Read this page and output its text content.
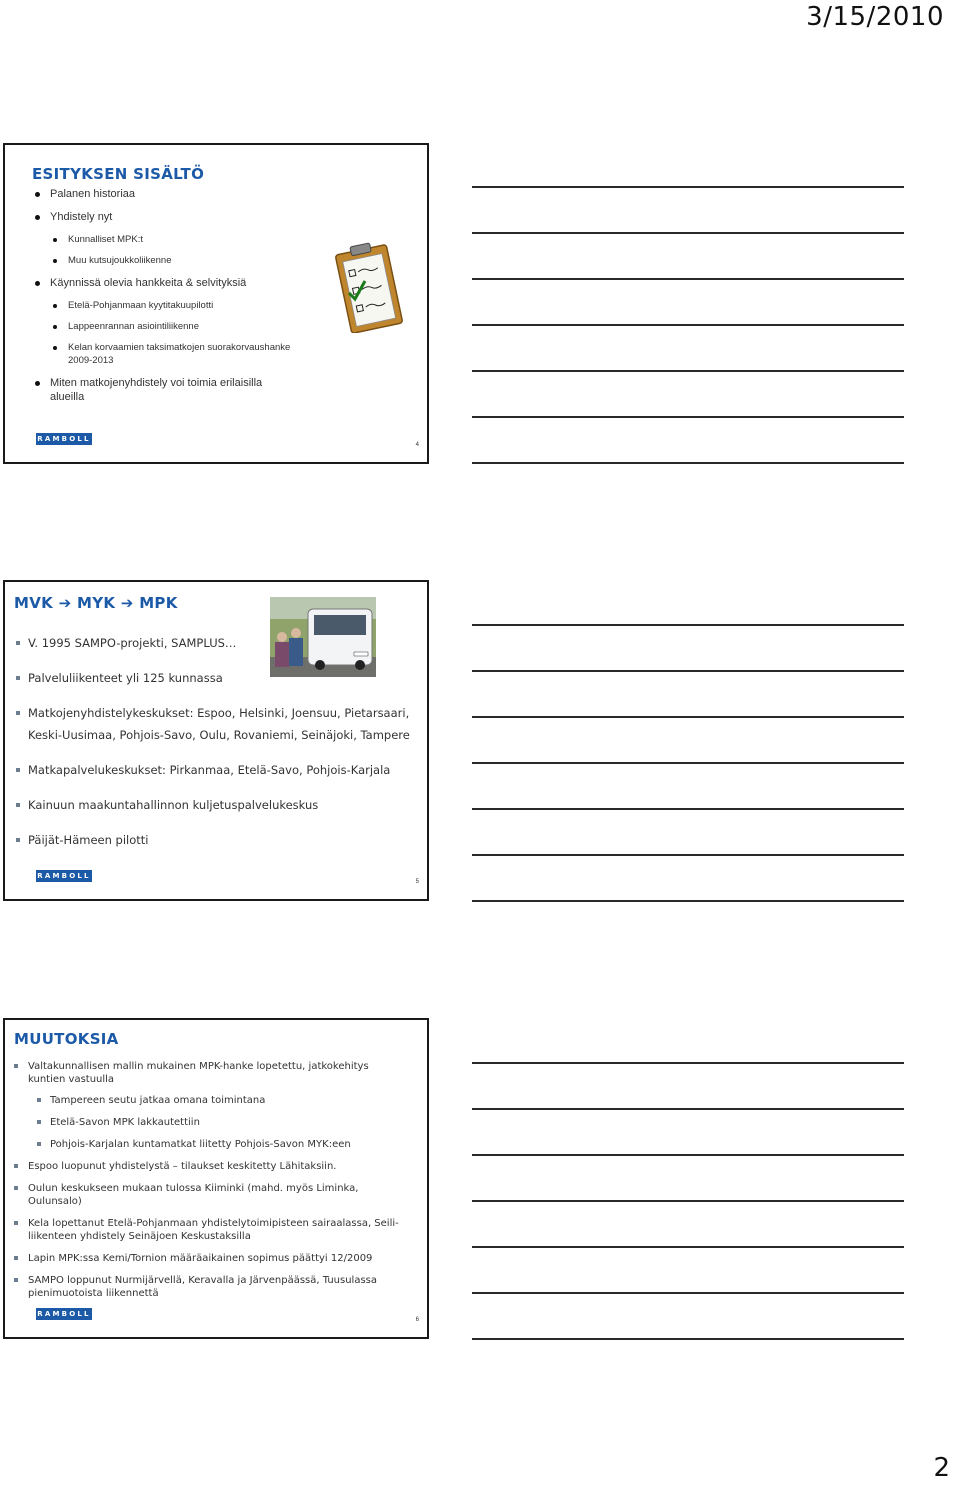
3/15/2010
ESITYKSEN SISÄLTÖ
Palanen historiaa
Yhdistely nyt
Kunnalliset MPK:t
Muu kutsujoukkoliikenne
Käynnissä olevia hankkeita & selvityksiä
Etelä-Pohjanmaan kyytitakuupilotti
Lappeenrannan asiointiliikenne
Kelan korvaamien taksimatkojen suorakorvaushanke 2009-2013
Miten matkojenyhdistely voi toimia erilaisilla alueilla
RAMBOLL
4
MVK ➔ MYK ➔ MPK
V. 1995 SAMPO-projekti, SAMPLUS…
Palveluliikenteet yli 125 kunnassa
Matkojenyhdistelykeskukset: Espoo, Helsinki, Joensuu, Pietarsaari, Keski-Uusimaa, Pohjois-Savo, Oulu, Rovaniemi, Seinäjoki, Tampere
Matkapalvelukeskukset: Pirkanmaa, Etelä-Savo, Pohjois-Karjala
Kainuun maakuntahallinnon kuljetuspalvelukeskus
Päijät-Hämeen pilotti
RAMBOLL
5
MUUTOKSIA
Valtakunnallisen mallin mukainen MPK-hanke lopetettu, jatkokehitys kuntien vastuulla
Tampereen seutu jatkaa omana toimintana
Etelä-Savon MPK lakkautettiin
Pohjois-Karjalan kuntamatkat liitetty Pohjois-Savon MYK:een
Espoo luopunut yhdistelystä – tilaukset keskitetty Lähitaksiin.
Oulun keskukseen mukaan tulossa Kiiminki (mahd. myös Liminka, Oulunsalo)
Kela lopettanut Etelä-Pohjanmaan yhdistelytoimipisteen sairaalassa, Seili-liikenteen yhdistely Seinäjoen Keskustaksilla
Lapin MPK:ssa Kemi/Tornion määräaikainen sopimus päättyi 12/2009
SAMPO loppunut Nurmijärvellä, Keravalla ja Järvenpäässä, Tuusulassa pienimuotoista liikennettä
RAMBOLL
6
2
